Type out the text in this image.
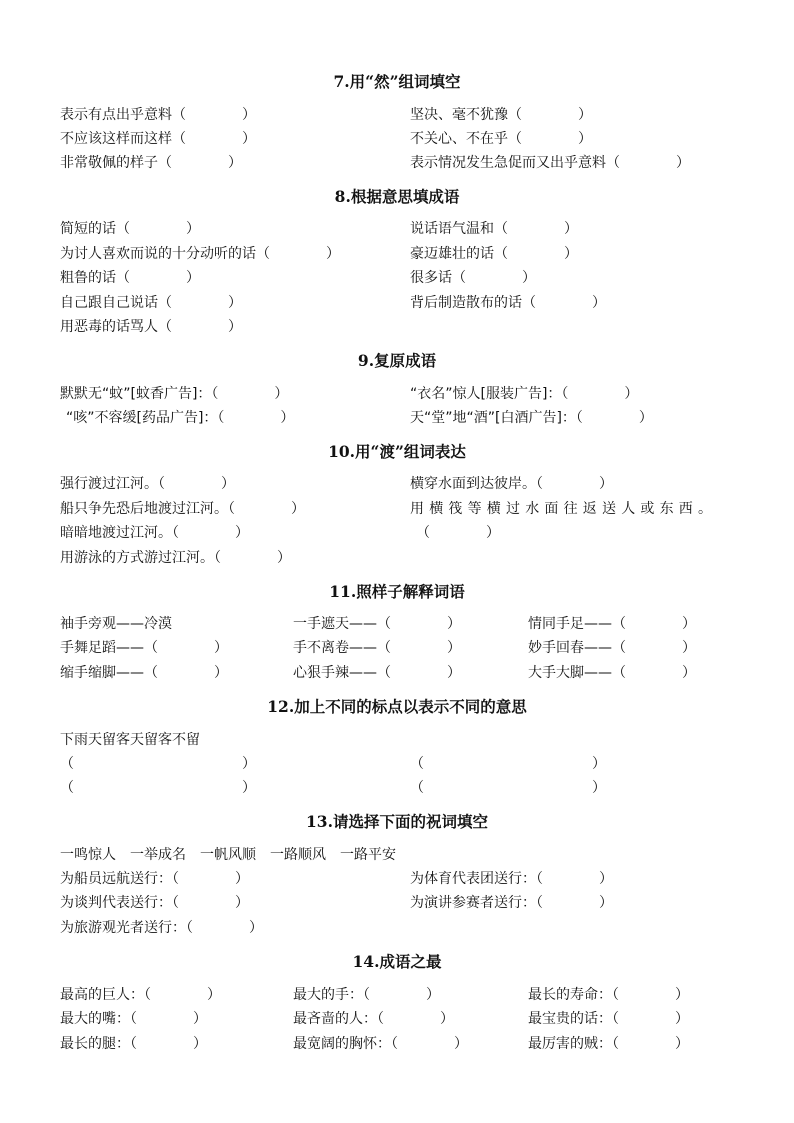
7.用“然”组词填空
表示有点出乎意料（　　　　）	坚决、毫不犹豫（　　　　）
不应该这样而这样（　　　　）	不关心、不在乎（　　　　）
非常敬佩的样子（　　　　）	表示情况发生急促而又出乎意料（　　　　）
8.根据意思填成语
简短的话（　　　　）	说话语气温和（　　　　）
为讨人喜欢而说的十分动听的话（　　　　）	豪迈雄壮的话（　　　　）
粗鲁的话（　　　　）	很多话（　　　　）
自己跟自己说话（　　　　）	背后制造散布的话（　　　　）
用恶毒的话骂人（　　　　）
9.复原成语
默默无“蚊”[蚊香广告]：（　　　　）	“衣名”惊人[服装广告]：（　　　　）
“咳”不容缓[药品广告]：（　　　　）	天“堂”地“酒”[白酒广告]：（　　　　）
10.用“渡”组词表达
强行渡过江河。（　　　　）	横穿水面到达彼岸。（　　　　）
船只争先恐后地渡过江河。（　　　　）	用横筏等横过水面往返送人或东西。
暗暗地渡过江河。（　　　　）	（　　　　）
用游泳的方式游过江河。（　　　　）
11.照样子解释词语
袖手旁观——冷漠	一手遮天——（　　　　）	情同手足——（　　　　）
手舞足蹈——（　　　　）	手不离卷——（　　　　）	妙手回春——（　　　　）
缩手缩脚——（　　　　）	心狠手辣——（　　　　）	大手大脚——（　　　　）
12.加上不同的标点以表示不同的意思
下雨天留客天留客不留
（　　　　　　　　　　　　）	（　　　　　　　　　　　　）
（　　　　　　　　　　　　）	（　　　　　　　　　　　　）
13.请选择下面的祝词填空
一鸣惊人　一举成名　一帆风顺　一路顺风　一路平安
为船员远航送行：（　　　　）	为体育代表团送行：（　　　　）
为谈判代表送行：（　　　　）	为演讲参赛者送行：（　　　　）
为旅游观光者送行：（　　　　）
14.成语之最
最高的巨人：（　　　　）	最大的手：（　　　　）	最长的寿命：（　　　　）
最大的嘴：（　　　　）	最吝啬的人：（　　　　）	最宝贵的话：（　　　　）
最长的腿：（　　　　）	最宽阔的胸怀：（　　　　）	最厉害的贼：（　　　　）
